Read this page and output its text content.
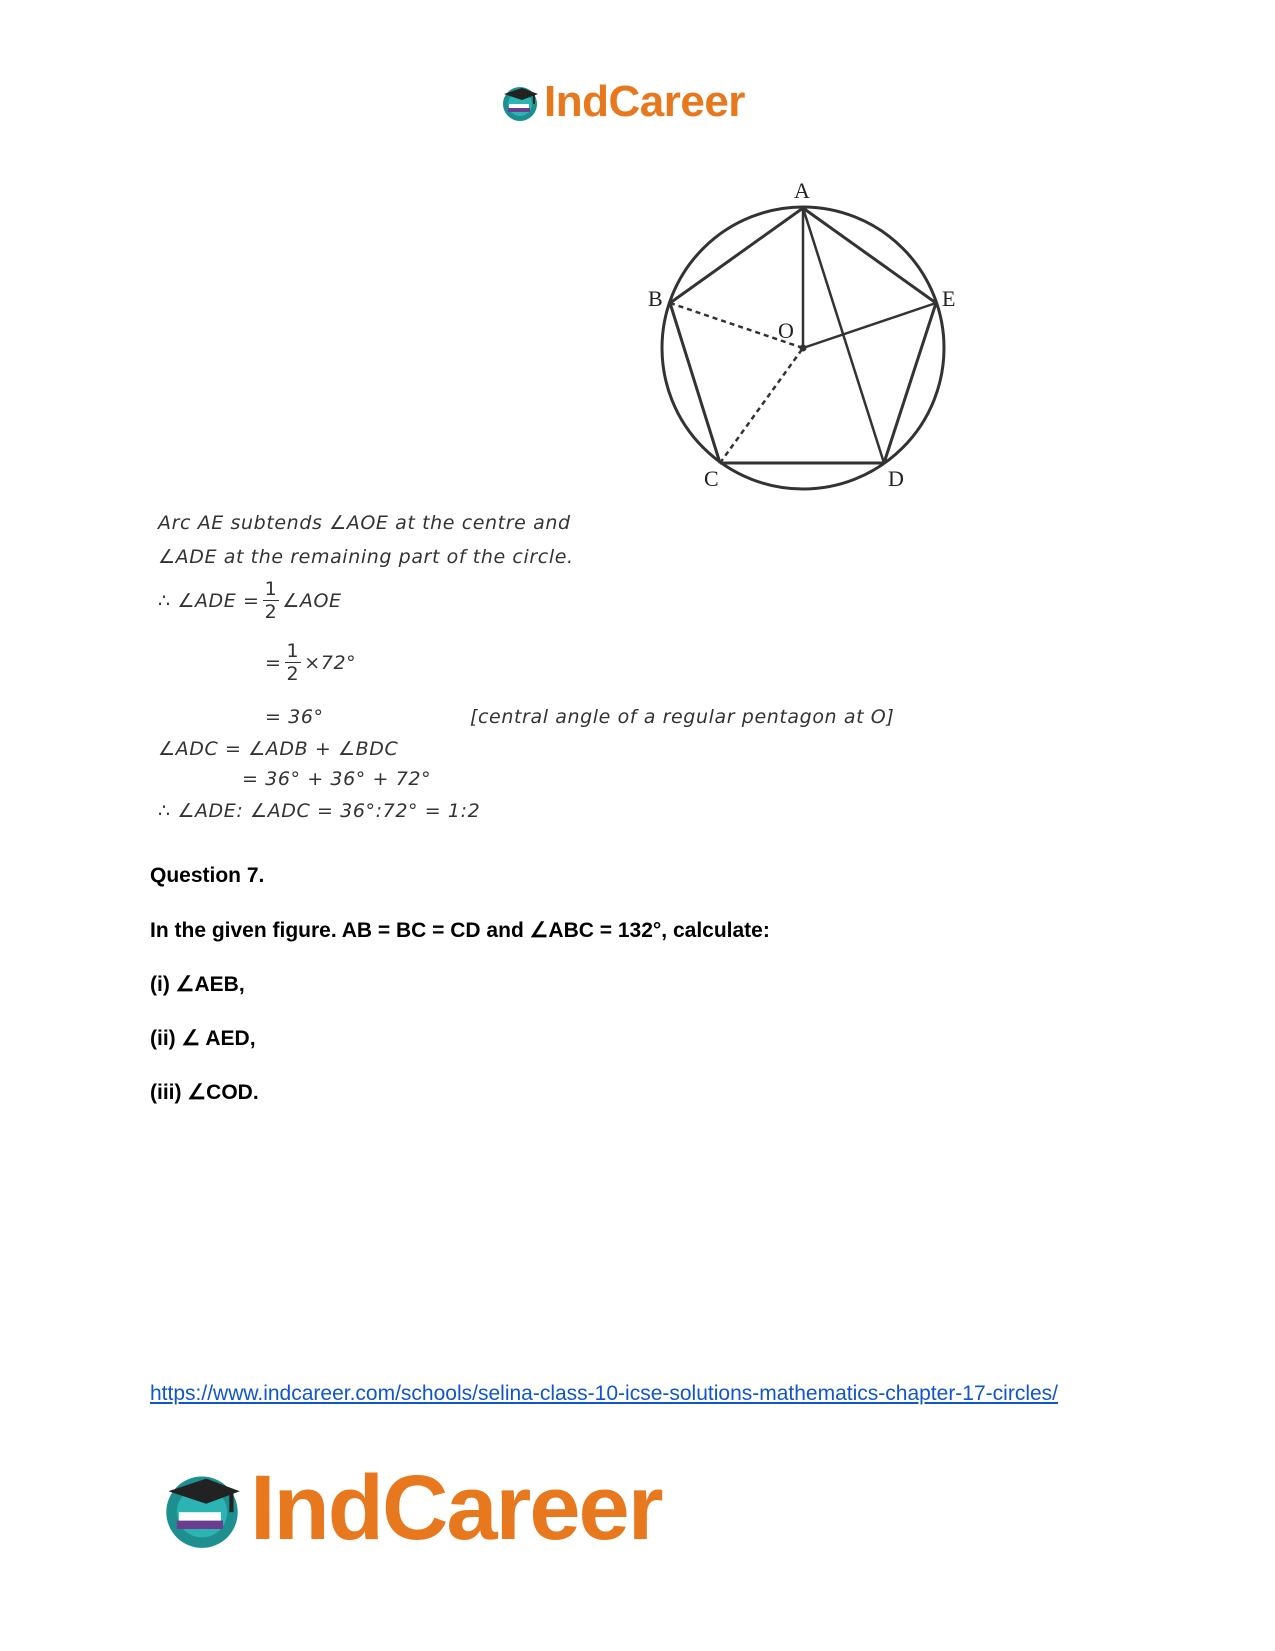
IndCareer
A
B
C	D
E
O
Arc AE subtends ∠AOE at the centre and
∠ADE at the remaining part of the circle.
∴ ∠ADE = $\frac{1}{2}$ ∠AOE
= $\frac{1}{2} \times 72^\circ$
= 36°	[central angle of a regular pentagon at O]
∠ADC = ∠ADB + ∠BDC
= 36° + 36° + 72°
∴ ∠ADE: ∠ADC = 36°:72° = 1:2
Question 7.
In the given figure. AB = BC = CD and ∠ABC = 132°, calculate:
(i) ∠AEB,
(ii) ∠ AED,
(iii) ∠COD.
https://www.indcareer.com/schools/selina-class-10-icse-solutions-mathematics-chapter-17-circles/
IndCareer
